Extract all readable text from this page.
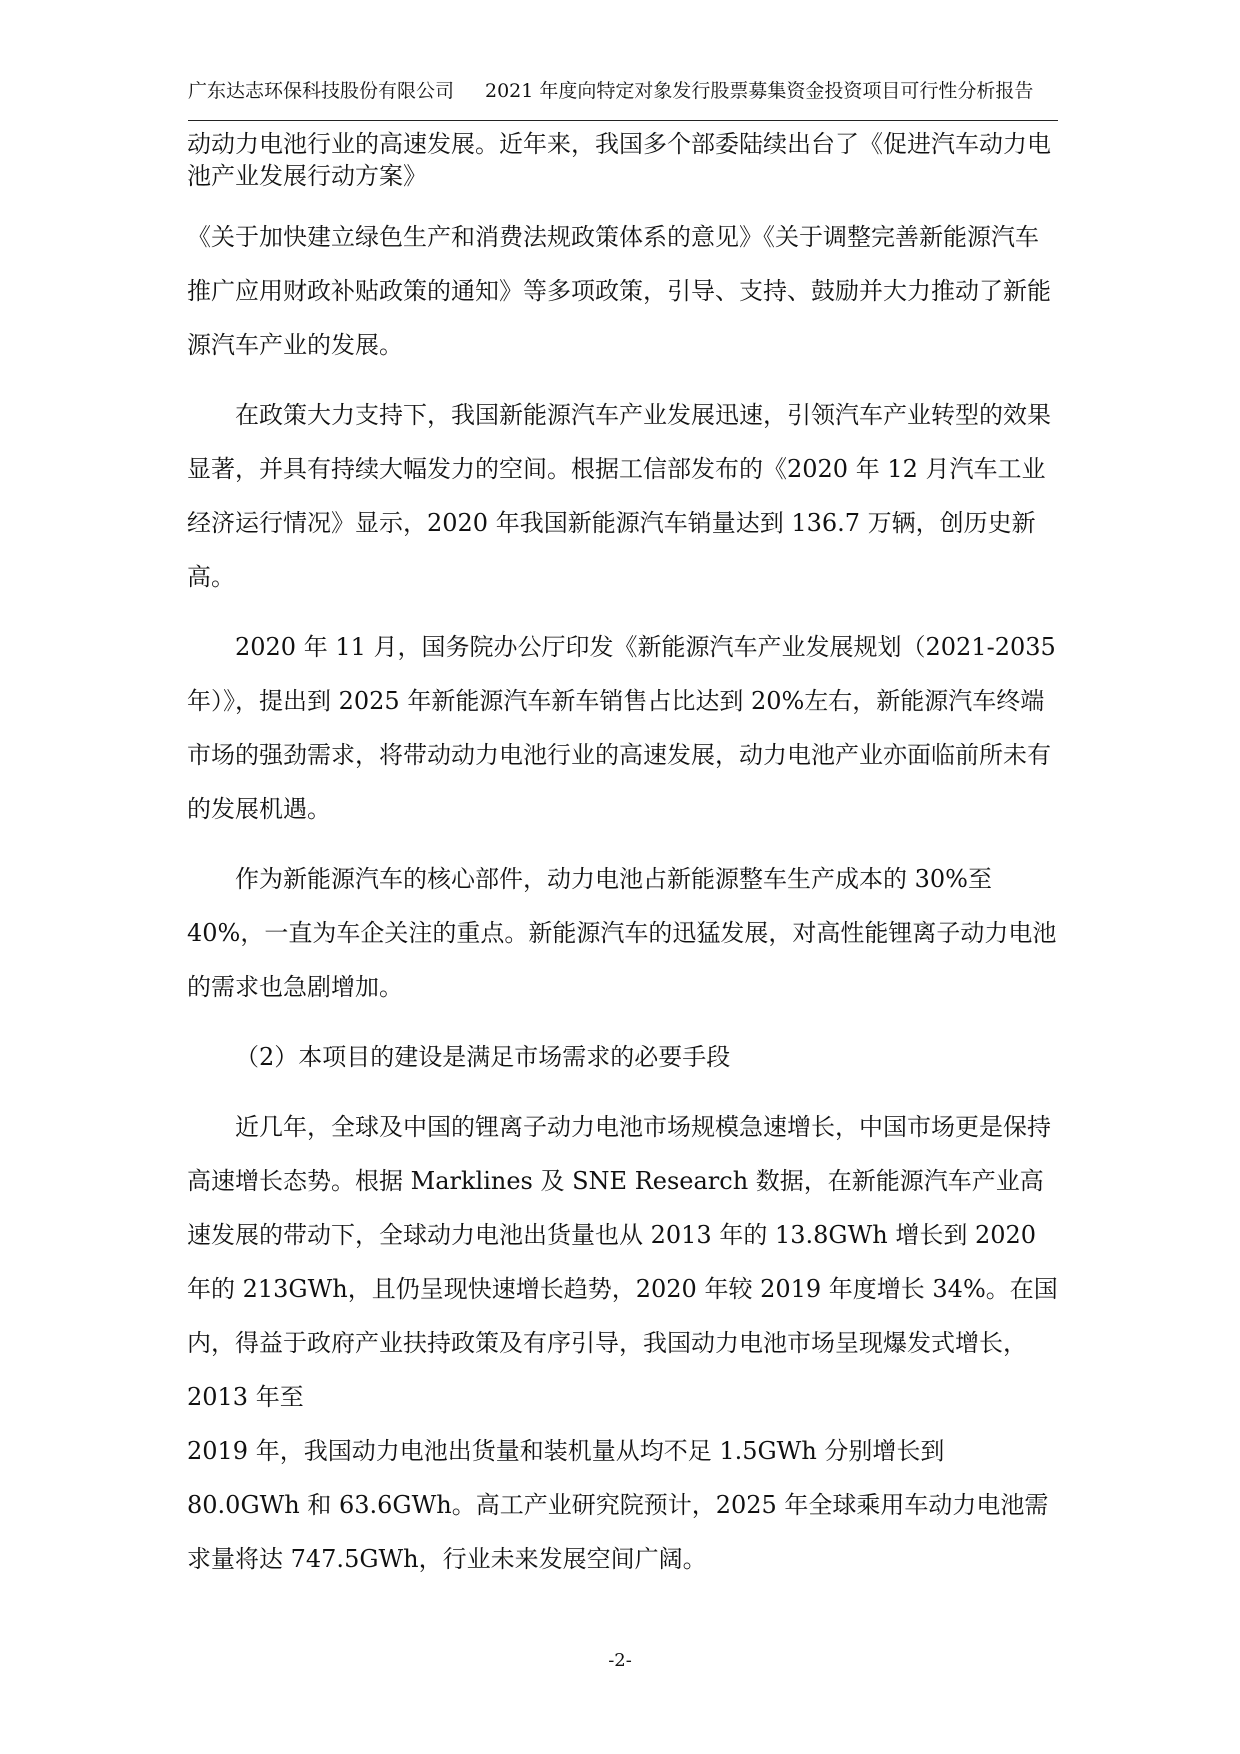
广东达志环保科技股份有限公司 2021 年度向特定对象发行股票募集资金投资项目可行性分析报告

动动力电池行业的高速发展。近年来，我国多个部委陆续出台了《促进汽车动力电池产业发展行动方案》

《关于加快建立绿色生产和消费法规政策体系的意见》《关于调整完善新能源汽车推广应用财政补贴政策的通知》等多项政策，引导、支持、鼓励并大力推动了新能源汽车产业的发展。

在政策大力支持下，我国新能源汽车产业发展迅速，引领汽车产业转型的效果显著，并具有持续大幅发力的空间。根据工信部发布的《2020 年 12 月汽车工业经济运行情况》显示，2020 年我国新能源汽车销量达到 136.7 万辆，创历史新高。

2020 年 11 月，国务院办公厅印发《新能源汽车产业发展规划（2021-2035 年）》，提出到 2025 年新能源汽车新车销售占比达到 20%左右，新能源汽车终端市场的强劲需求，将带动动力电池行业的高速发展，动力电池产业亦面临前所未有的发展机遇。

作为新能源汽车的核心部件，动力电池占新能源整车生产成本的 30%至 40%，一直为车企关注的重点。新能源汽车的迅猛发展，对高性能锂离子动力电池的需求也急剧增加。

（2）本项目的建设是满足市场需求的必要手段

近几年，全球及中国的锂离子动力电池市场规模急速增长，中国市场更是保持高速增长态势。根据 Marklines 及 SNE Research 数据，在新能源汽车产业高速发展的带动下，全球动力电池出货量也从 2013 年的 13.8GWh 增长到 2020 年的 213GWh，且仍呈现快速增长趋势，2020 年较 2019 年度增长 34%。在国内，得益于政府产业扶持政策及有序引导，我国动力电池市场呈现爆发式增长，2013 年至

2019 年，我国动力电池出货量和装机量从均不足 1.5GWh 分别增长到 80.0GWh 和 63.6GWh。高工产业研究院预计，2025 年全球乘用车动力电池需求量将达 747.5GWh，行业未来发展空间广阔。

-2-
